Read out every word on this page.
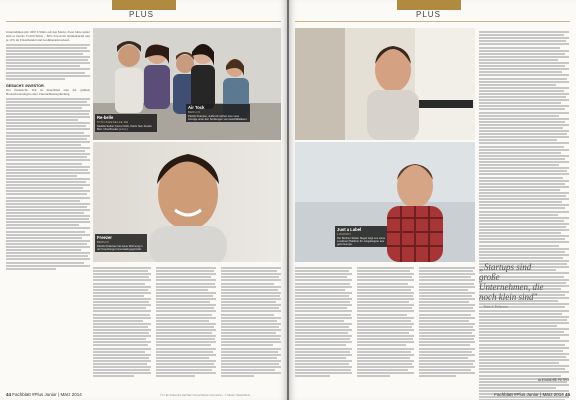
PLUS
Unternehmen mit 1000 T-Shirts auf den Markt. Zwei Jahre später sind es bereits 15.000 Shirts – 80% davon im Onlinehandel und je 10% im Einzelhandel und Großhandelsverkauf.
GESUCHT: INVESTOR.
Der finanzielle Teil ist manchmal eine der größten Herausforderungen einer Unternehmensgründung.
Re-belle
STÜCKGESELLE.DE
Nadelle Seibel, Fiona Ulrich, Katrin Seil, Kerstin Merl, Nina Brocker (v.l.n.r.)
Air Tock
BERLIN
Patrick Petersen, Aufbruch sichert eine neue Anzeige unter den Senkungen von Geschäftsideen.
Freezer
BERLIN
Patrick Pedersen hat seine Wohnung in der Kreuzberger Innenstadt gegründet.
44 Fachblatt #Plus Junior | März 2014	© Fr. Ein Artikel des Fachblatt / Deutschlands Unternehmer · © Nikolai / Nikolai Berlin
PLUS
Just a Label
LONDON
Der Berliner Stefan Siegel zeigt uns seine Londoner Plattform für Jungdesigner aus ganz Europa.
„Startups sind große Unternehmen, die noch klein sind"
— Patrick Pedersen
ALEXANDRE PETRO
Fachblatt #Plus Junior | März 2014 45
